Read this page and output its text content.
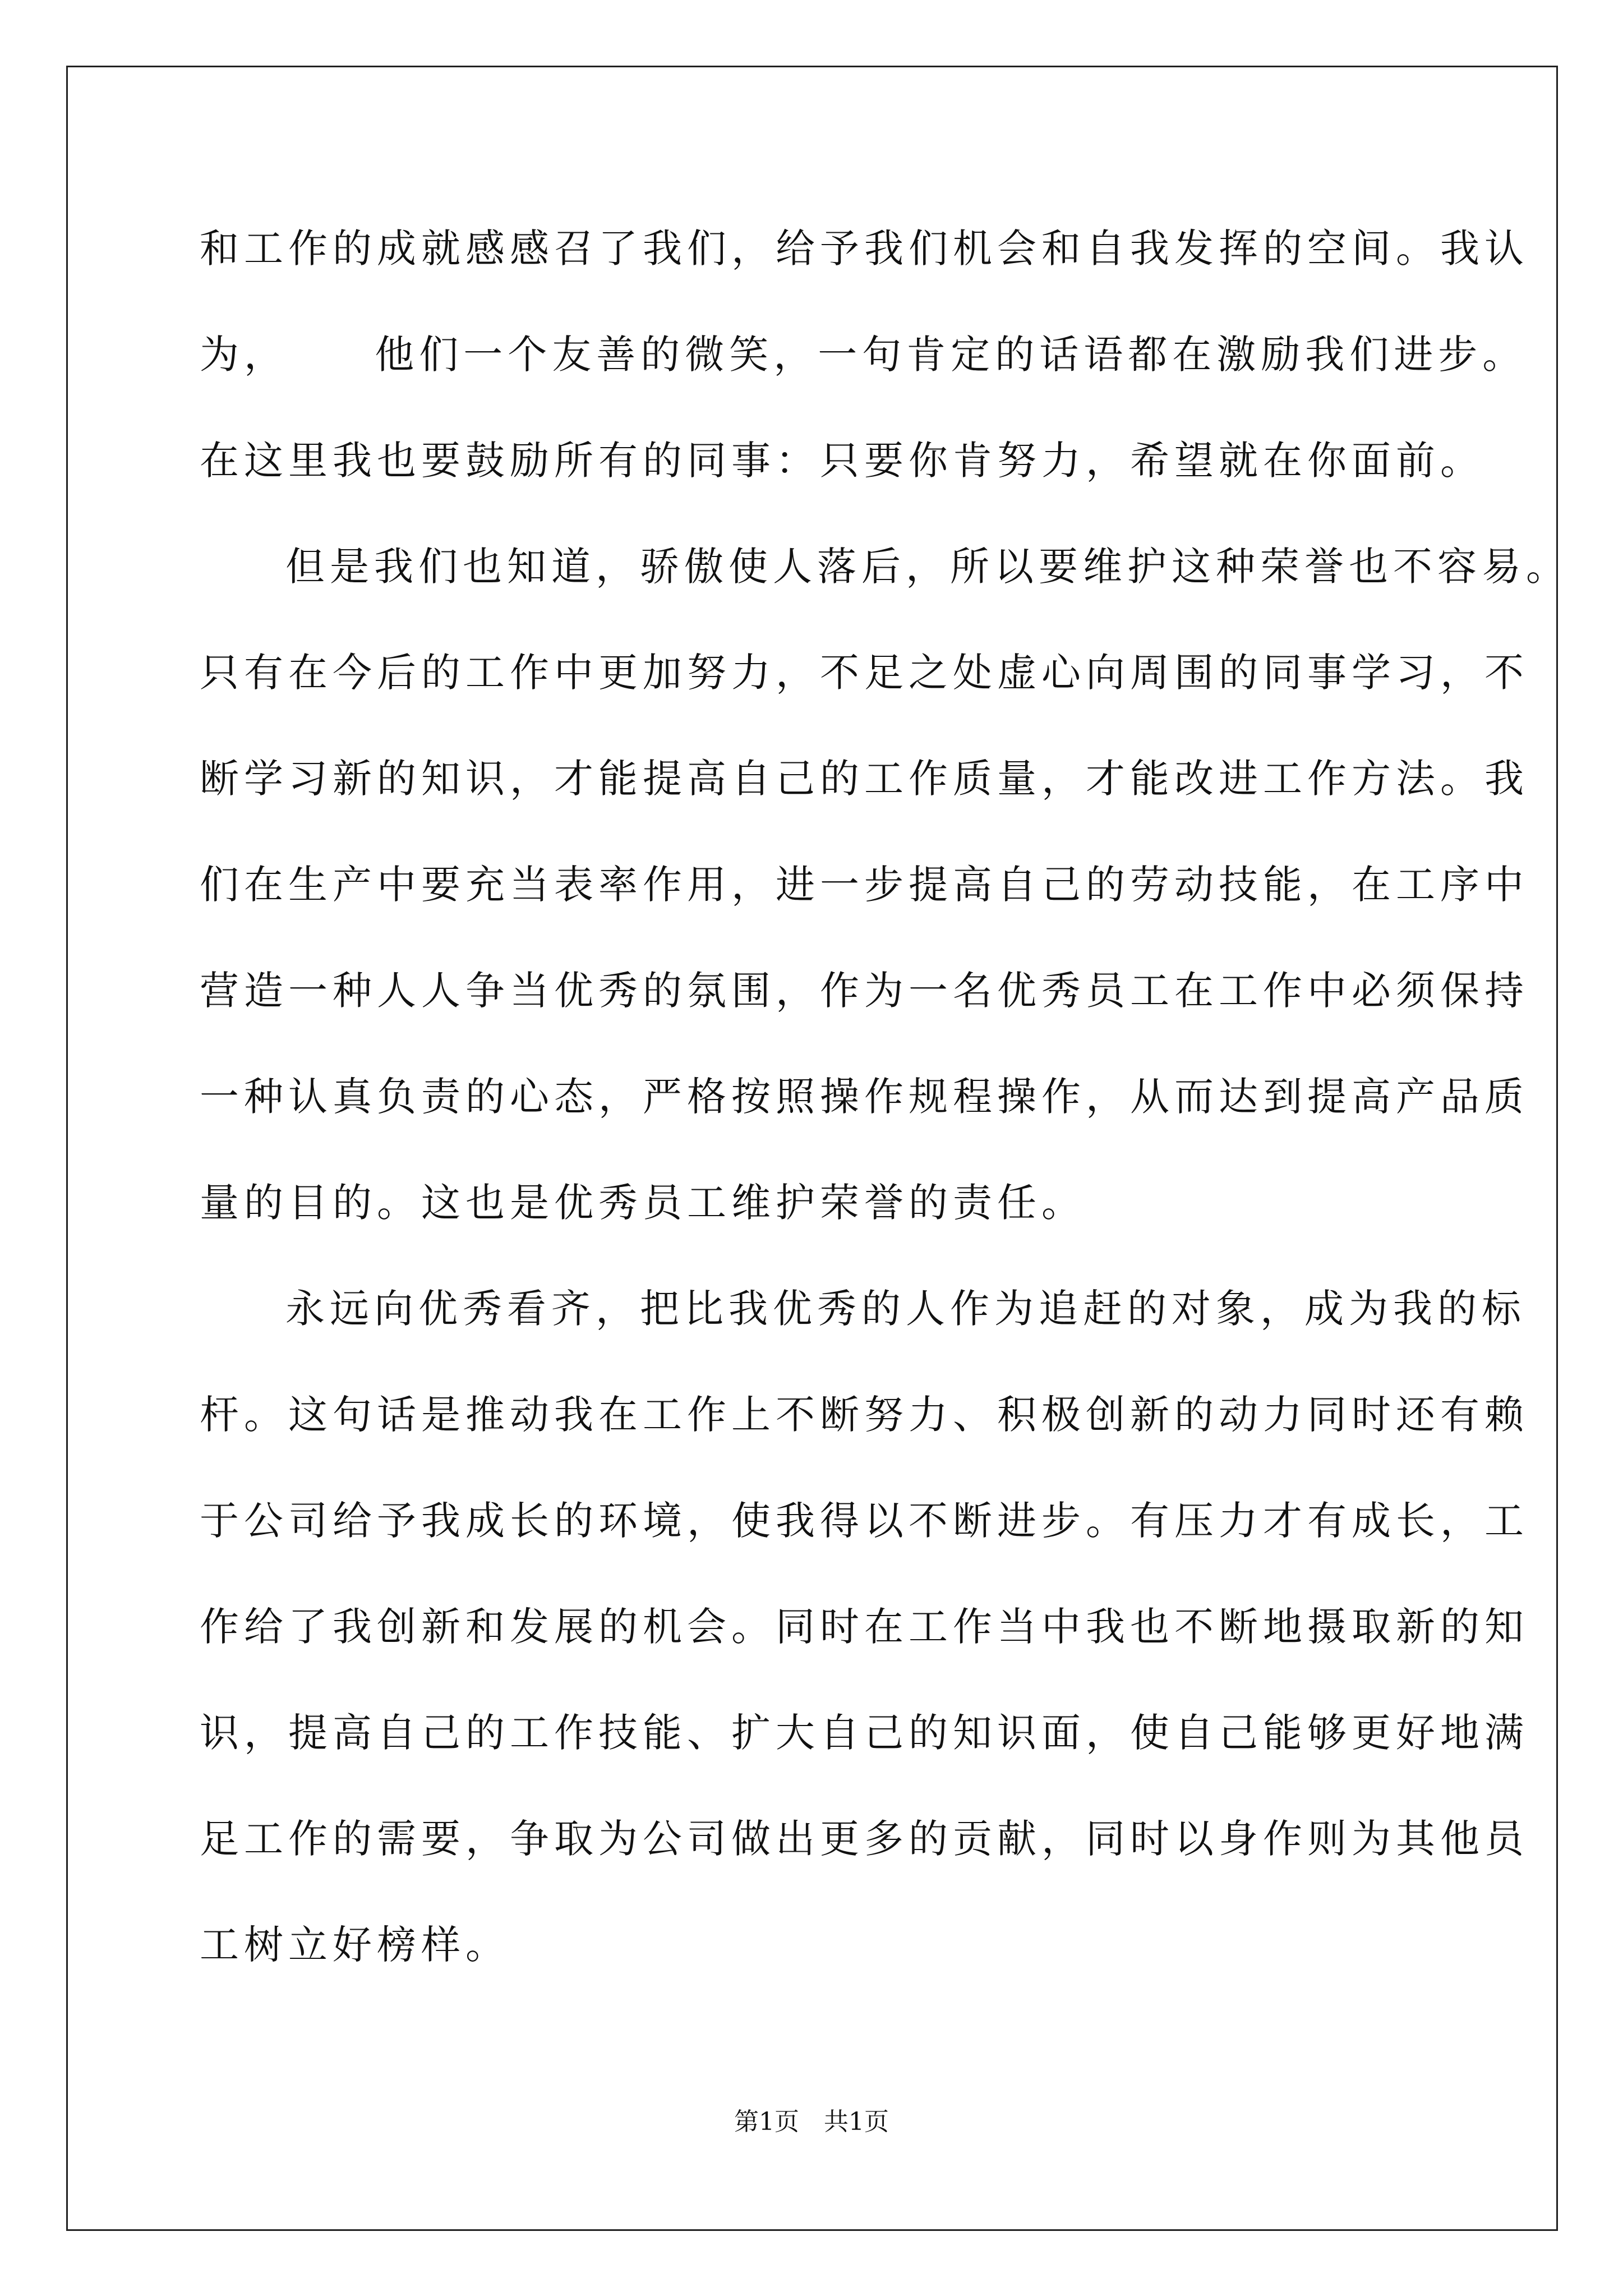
和工作的成就感感召了我们，给予我们机会和自我发挥的空间。我认
为，　　 他们一个友善的微笑，一句肯定的话语都在激励我们进步。
在这里我也要鼓励所有的同事：只要你肯努力，希望就在你面前。
　但是我们也知道，骄傲使人落后，所以要维护这种荣誉也不容易。
只有在今后的工作中更加努力，不足之处虚心向周围的同事学习，不
断学习新的知识，才能提高自己的工作质量，才能改进工作方法。我
们在生产中要充当表率作用，进一步提高自己的劳动技能，在工序中
营造一种人人争当优秀的氛围，作为一名优秀员工在工作中必须保持
一种认真负责的心态，严格按照操作规程操作，从而达到提高产品质
量的目的。这也是优秀员工维护荣誉的责任。
　永远向优秀看齐，把比我优秀的人作为追赶的对象，成为我的标
杆。这句话是推动我在工作上不断努力、积极创新的动力同时还有赖
于公司给予我成长的环境，使我得以不断进步。有压力才有成长，工
作给了我创新和发展的机会。同时在工作当中我也不断地摄取新的知
识，提高自己的工作技能、扩大自己的知识面，使自己能够更好地满
足工作的需要，争取为公司做出更多的贡献，同时以身作则为其他员
工树立好榜样。
第1页　共1页
